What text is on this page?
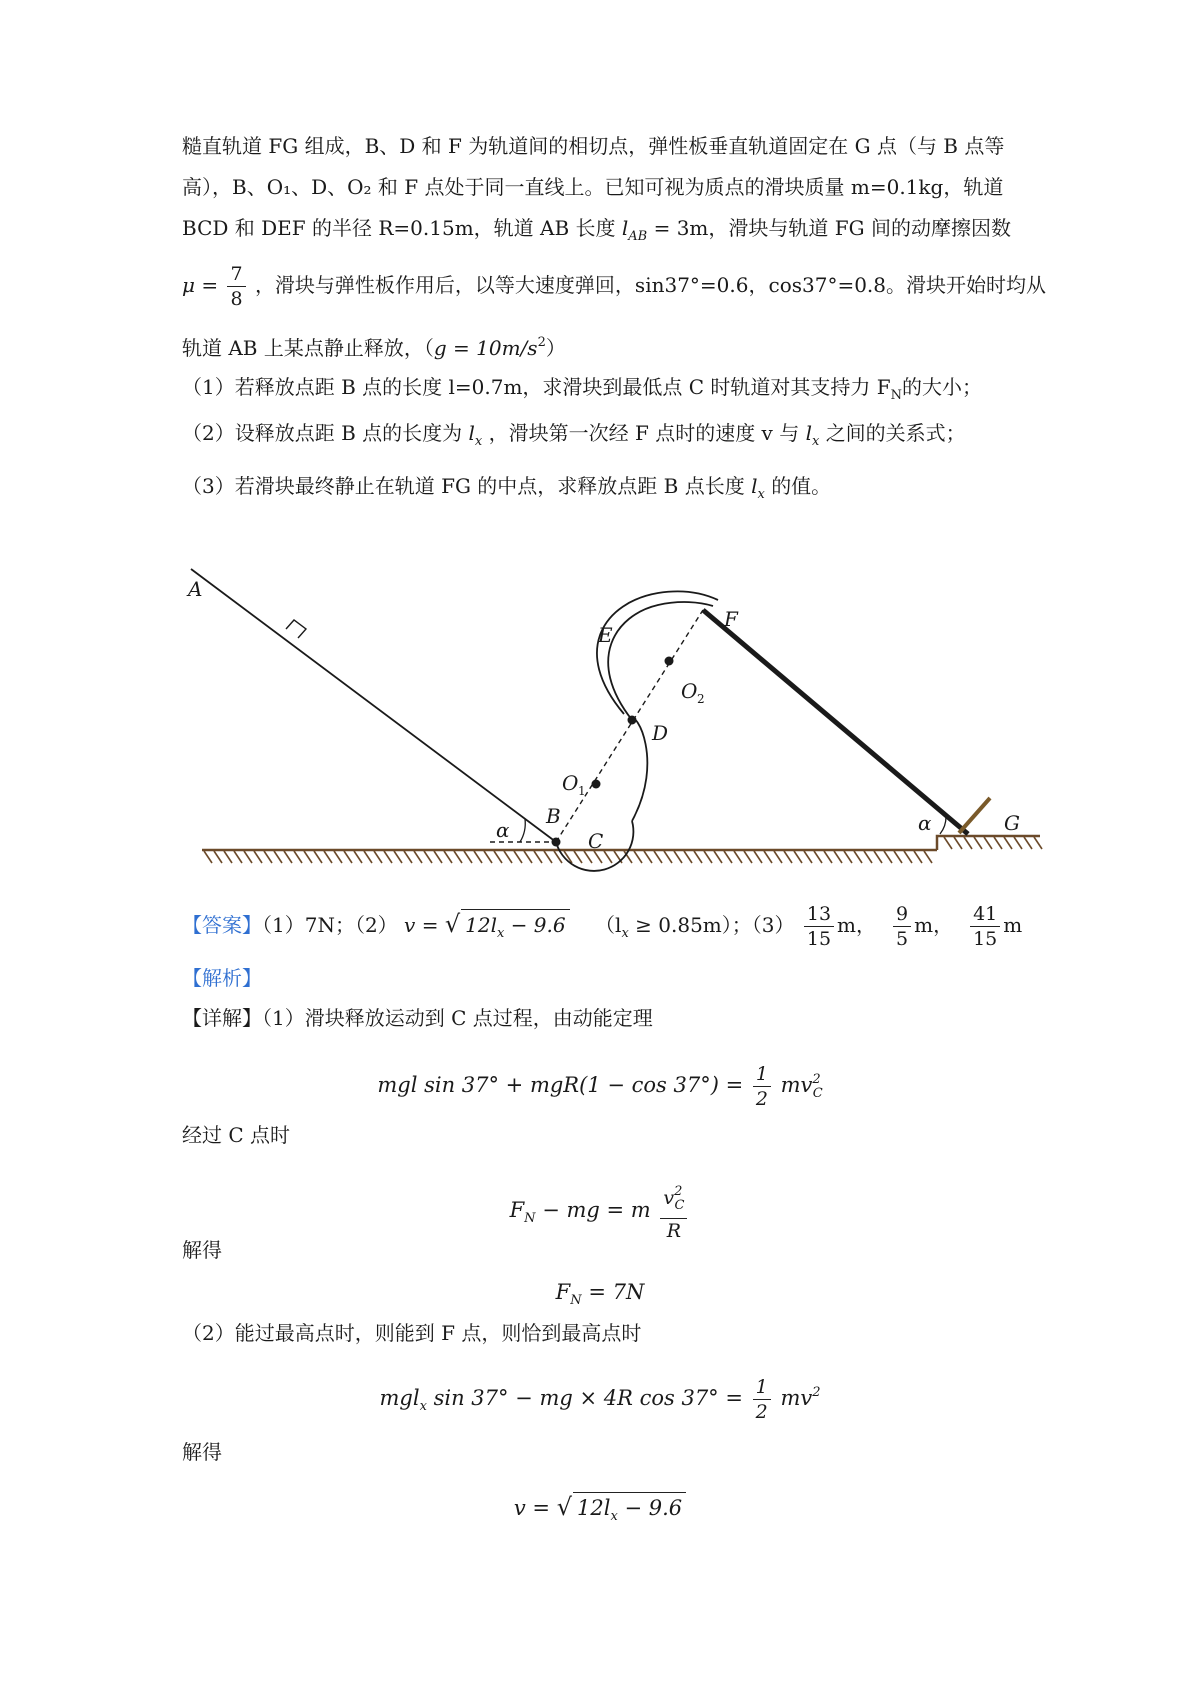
糙直轨道 FG 组成，B、D 和 F 为轨道间的相切点，弹性板垂直轨道固定在 G 点（与 B 点等
高），B、O₁、D、O₂ 和 F 点处于同一直线上。已知可视为质点的滑块质量 m=0.1kg，轨道
BCD 和 DEF 的半径 R=0.15m，轨道 AB 长度 $l_{AB} = 3m$，滑块与轨道 FG 间的动摩擦因数
$\mu = \frac{7}{8}$ ，滑块与弹性板作用后，以等大速度弹回，sin37°=0.6，cos37°=0.8。滑块开始时均从
轨道 AB 上某点静止释放，$(g = 10m/s^2)$
（1）若释放点距 B 点的长度 l=0.7m，求滑块到最低点 C 时轨道对其支持力 $F_N$的大小；
（2）设释放点距 B 点的长度为 $l_x$ ，滑块第一次经 F 点时的速度 v 与 $l_x$ 之间的关系式；
（3）若滑块最终静止在轨道 FG 的中点，求释放点距 B 点长度 $l_x$ 的值。
A
B
C
D
E
F
G
O
O
α	α
1
2
【答案】（1）7N；（2） v = √ $12l_x - 9.6$ $(l_x \ge 0.85m)$；$(3) \frac{13}{15}$ m， $\frac{9}{5}$ m， $\frac{41}{15}$ m
【解析】
【详解】（1）滑块释放运动到 C 点过程，由动能定理
mgl $\sin 37^\circ + mgR(1 - \cos 37^\circ) = \frac{1}{2} mv^2_C$
经过 C 点时
$F_N$ − mg = m $\frac{v^2_C}{R}$
解得
$F_N = 7N$
（2）能过最高点时，则能到 F 点，则恰到最高点时
mgl$_x$ sin 37° − mg × 4R $\cos 37^\circ = \frac{1}{2} mv^2$
解得
v = √ $12l_x - 9.6$
